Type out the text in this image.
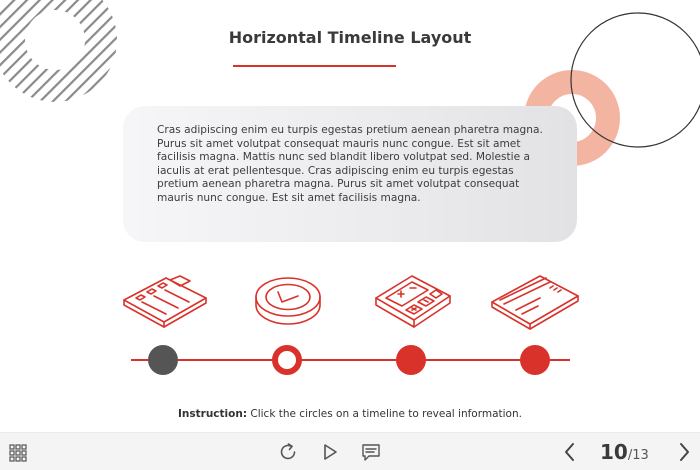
Horizontal Timeline Layout

Cras adipiscing enim eu turpis egestas pretium aenean pharetra magna. Purus sit amet volutpat consequat mauris nunc congue. Est sit amet facilisis magna. Mattis nunc sed blandit libero volutpat sed. Molestie a iaculis at erat pellentesque. Cras adipiscing enim eu turpis egestas pretium aenean pharetra magna. Purus sit amet volutpat consequat mauris nunc congue. Est sit amet facilisis magna.

Instruction: Click the circles on a timeline to reveal information.
10/13
